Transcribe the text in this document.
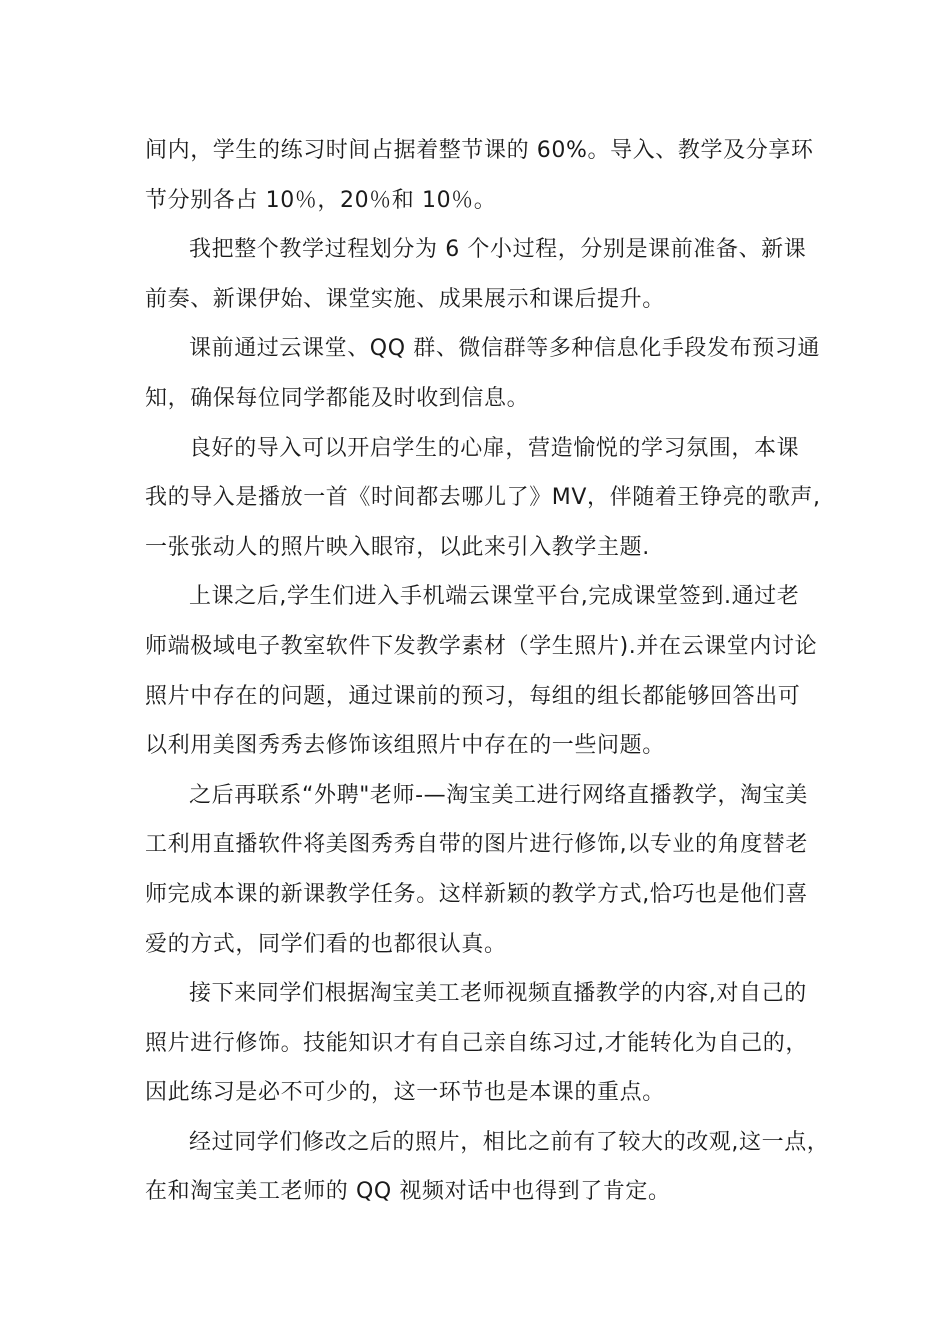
间内，学生的练习时间占据着整节课的 60%。导入、教学及分享环
节分别各占 10％，20％和 10％。
我把整个教学过程划分为 6 个小过程，分别是课前准备、新课
前奏、新课伊始、课堂实施、成果展示和课后提升。
课前通过云课堂、QQ 群、微信群等多种信息化手段发布预习通
知，确保每位同学都能及时收到信息。
良好的导入可以开启学生的心扉，营造愉悦的学习氛围，本课
我的导入是播放一首《时间都去哪儿了》MV，伴随着王铮亮的歌声,
一张张动人的照片映入眼帘，以此来引入教学主题.
上课之后,学生们进入手机端云课堂平台,完成课堂签到.通过老
师端极域电子教室软件下发教学素材（学生照片).并在云课堂内讨论
照片中存在的问题，通过课前的预习，每组的组长都能够回答出可
以利用美图秀秀去修饰该组照片中存在的一些问题。
之后再联系“外聘"老师-—淘宝美工进行网络直播教学，淘宝美
工利用直播软件将美图秀秀自带的图片进行修饰,以专业的角度替老
师完成本课的新课教学任务。这样新颖的教学方式,恰巧也是他们喜
爱的方式，同学们看的也都很认真。
接下来同学们根据淘宝美工老师视频直播教学的内容,对自己的
照片进行修饰。技能知识才有自己亲自练习过,才能转化为自己的，
因此练习是必不可少的，这一环节也是本课的重点。
经过同学们修改之后的照片，相比之前有了较大的改观,这一点，
在和淘宝美工老师的 QQ 视频对话中也得到了肯定。
